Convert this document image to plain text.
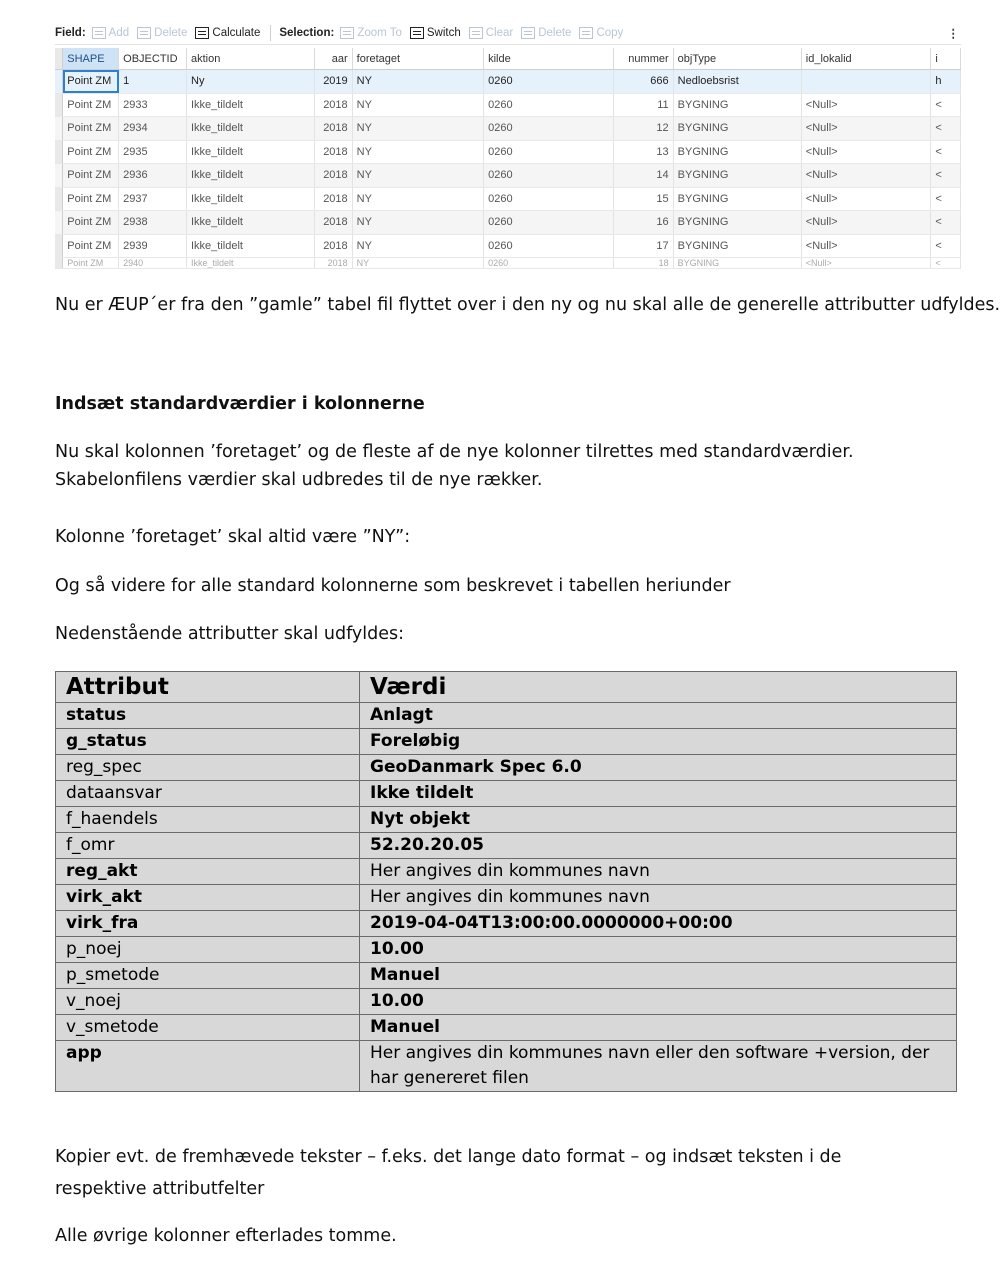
Field: Add Delete Calculate Selection: Zoom To Switch Clear Delete Copy	⋮
	SHAPE	OBJECTID	aktion	aar	foretaget	kilde	nummer	objType	id_lokalid	i
	Point ZM	1	Ny	2019	NY	0260	666	Nedloebsrist		h
	Point ZM	2933	Ikke_tildelt	2018	NY	0260	11	BYGNING	<Null>	<
	Point ZM	2934	Ikke_tildelt	2018	NY	0260	12	BYGNING	<Null>	<
	Point ZM	2935	Ikke_tildelt	2018	NY	0260	13	BYGNING	<Null>	<
	Point ZM	2936	Ikke_tildelt	2018	NY	0260	14	BYGNING	<Null>	<
	Point ZM	2937	Ikke_tildelt	2018	NY	0260	15	BYGNING	<Null>	<
	Point ZM	2938	Ikke_tildelt	2018	NY	0260	16	BYGNING	<Null>	<
	Point ZM	2939	Ikke_tildelt	2018	NY	0260	17	BYGNING	<Null>	<
	Point ZM	2940	Ikke_tildelt	2018	NY	0260	18	BYGNING	<Null>	<
Nu er ÆUP´er fra den ”gamle” tabel fil flyttet over i den ny og nu skal alle de generelle attributter udfyldes.
Indsæt standardværdier i kolonnerne
Nu skal kolonnen ’foretaget’ og de fleste af de nye kolonner tilrettes med standardværdier.
Skabelonfilens værdier skal udbredes til de nye rækker.
Kolonne ’foretaget’ skal altid være ”NY”:
Og så videre for alle standard kolonnerne som beskrevet i tabellen heriunder
Nedenstående attributter skal udfyldes:
Attribut	Værdi
status	Anlagt
g_status	Foreløbig
reg_spec	GeoDanmark Spec 6.0
dataansvar	Ikke tildelt
f_haendels	Nyt objekt
f_omr	52.20.20.05
reg_akt	Her angives din kommunes navn
virk_akt	Her angives din kommunes navn
virk_fra	2019-04-04T13:00:00.0000000+00:00
p_noej	10.00
p_smetode	Manuel
v_noej	10.00
v_smetode	Manuel
app	Her angives din kommunes navn eller den software +version, der har genereret filen
Kopier evt. de fremhævede tekster – f.eks. det lange dato format – og indsæt teksten i de
respektive attributfelter
Alle øvrige kolonner efterlades tomme.
